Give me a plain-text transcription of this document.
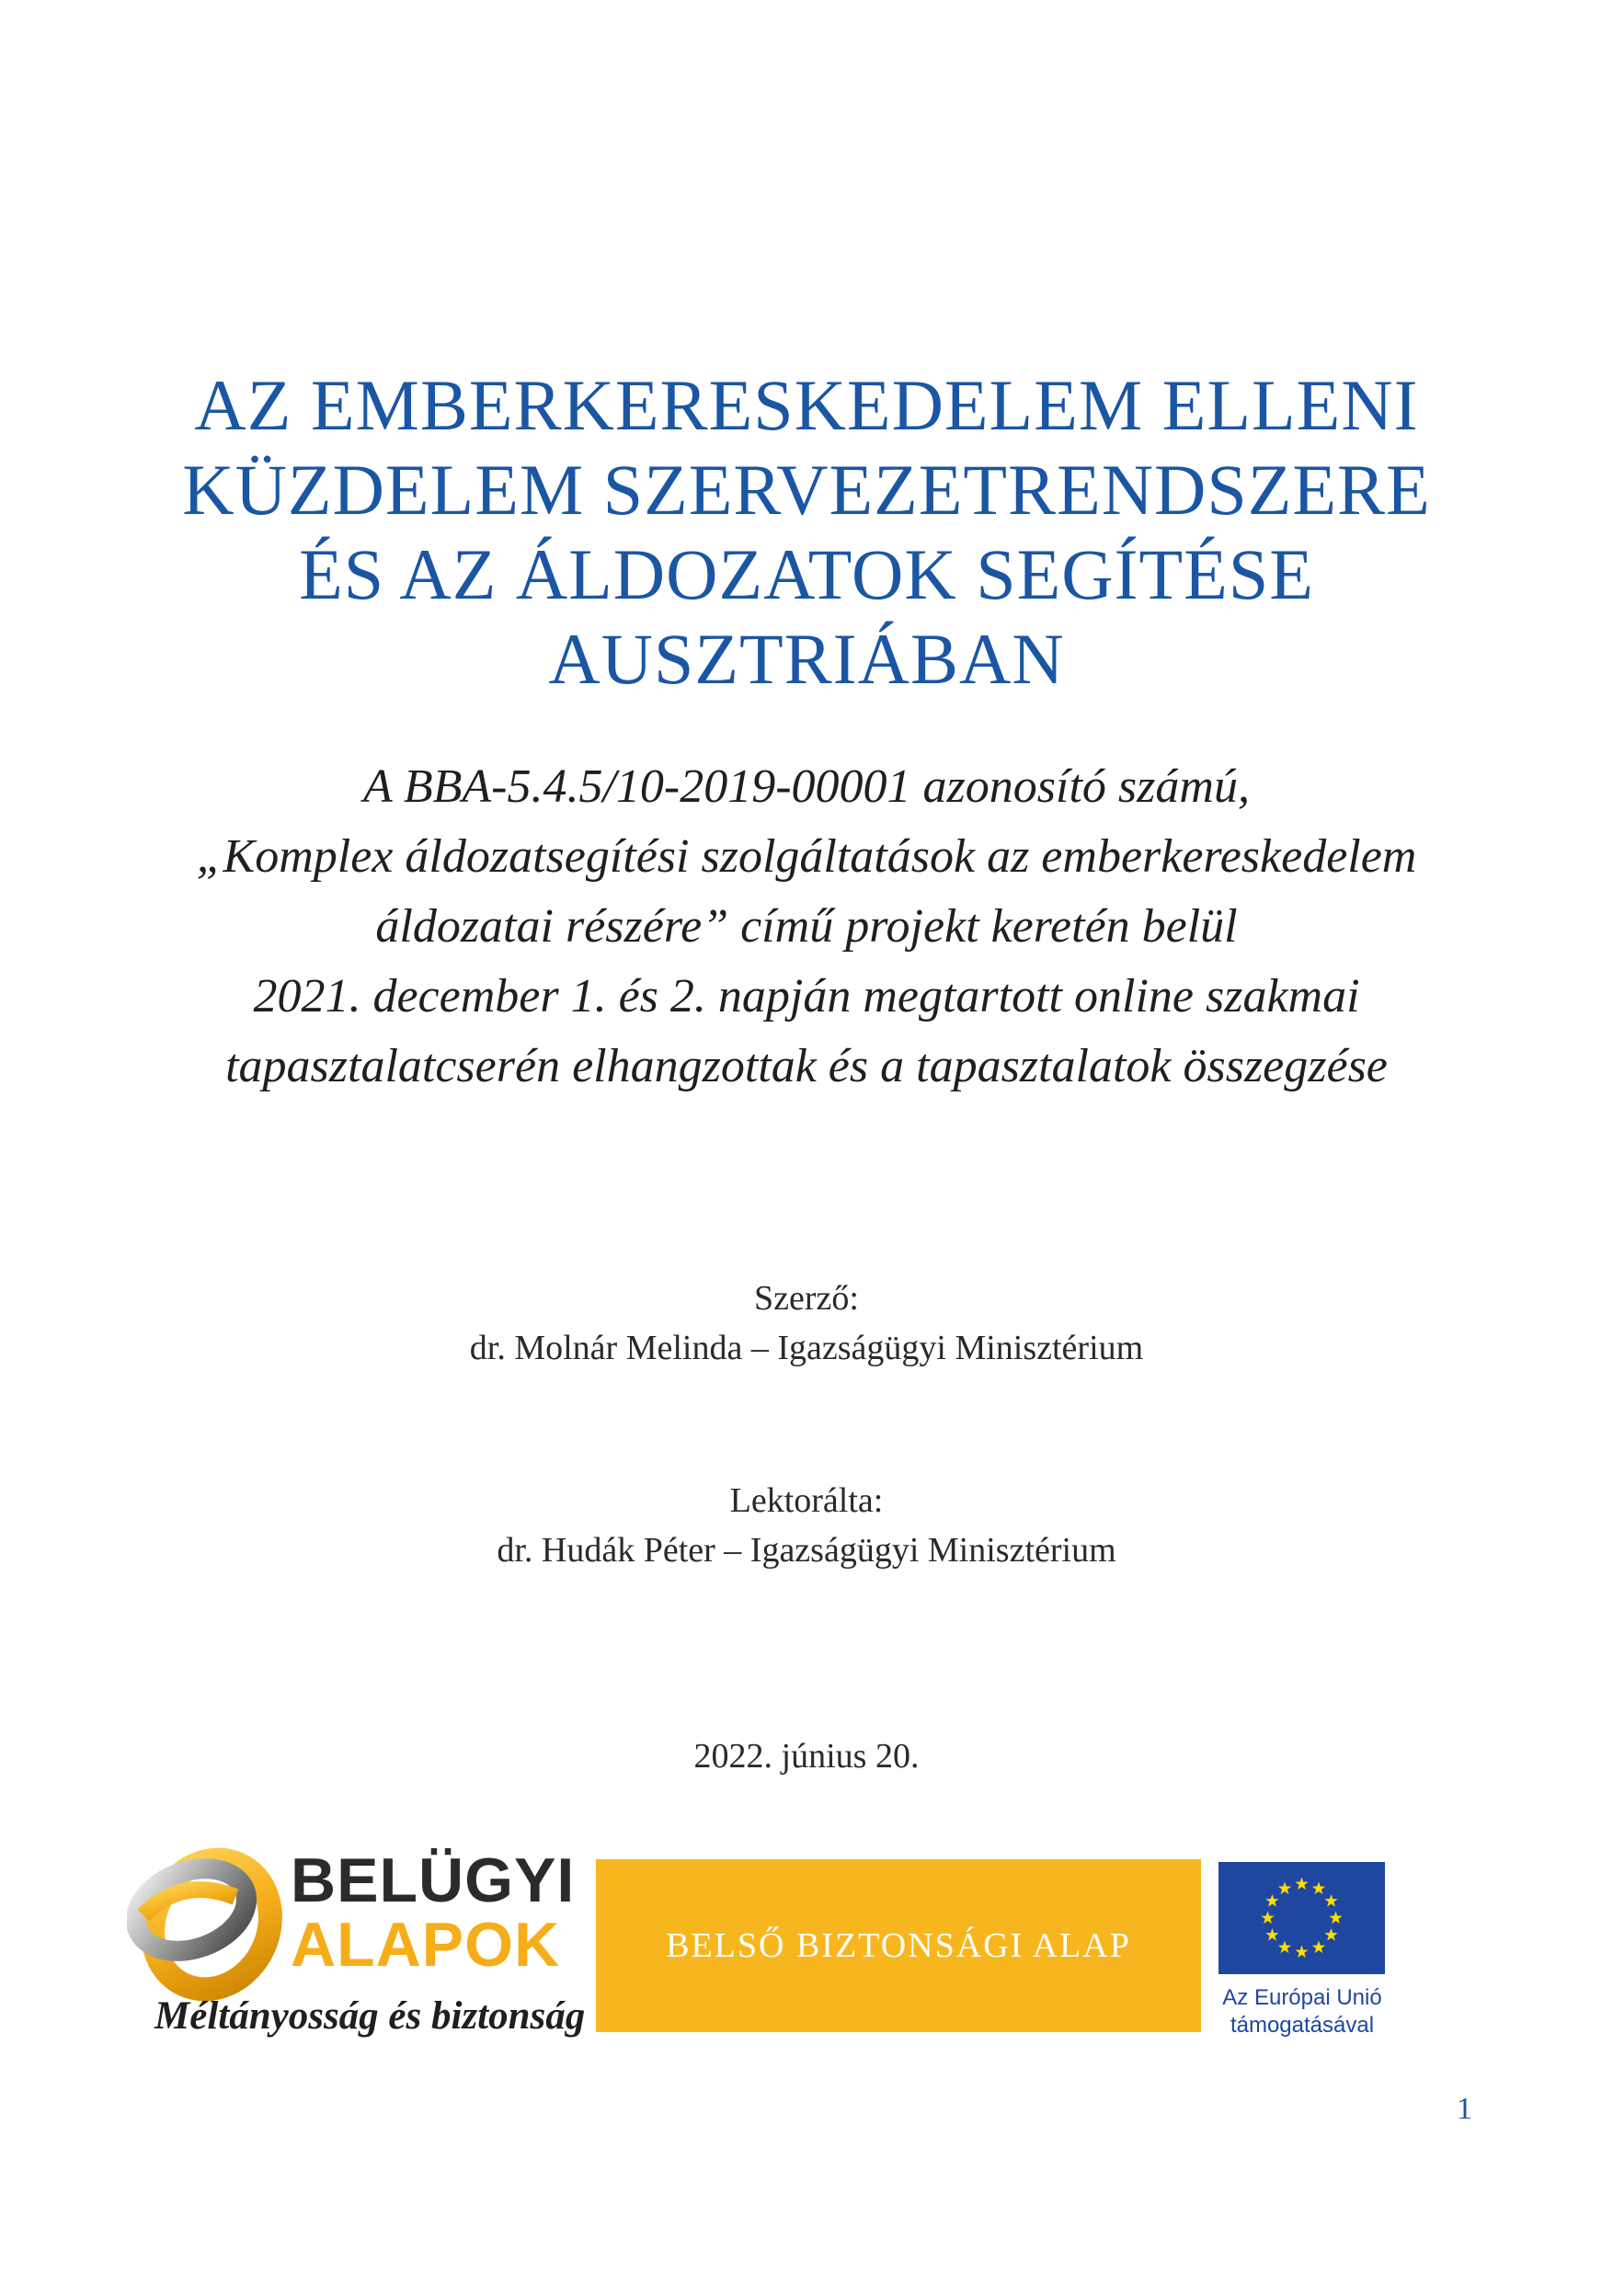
AZ EMBERKERESKEDELEM ELLENI
KÜZDELEM SZERVEZETRENDSZERE
ÉS AZ ÁLDOZATOK SEGÍTÉSE
AUSZTRIÁBAN

A BBA-5.4.5/10-2019-00001 azonosító számú,
„Komplex áldozatsegítési szolgáltatások az emberkereskedelem
áldozatai részére” című projekt keretén belül
2021. december 1. és 2. napján megtartott online szakmai
tapasztalatcserén elhangzottak és a tapasztalatok összegzése

Szerző:
dr. Molnár Melinda – Igazságügyi Minisztérium
Lektorálta:
dr. Hudák Péter – Igazságügyi Minisztérium
2022. június 20.
BELÜGYI
ALAPOK
Méltányosság és biztonság
BELSŐ BIZTONSÁGI ALAP
Az Európai Unió
támogatásával
1
